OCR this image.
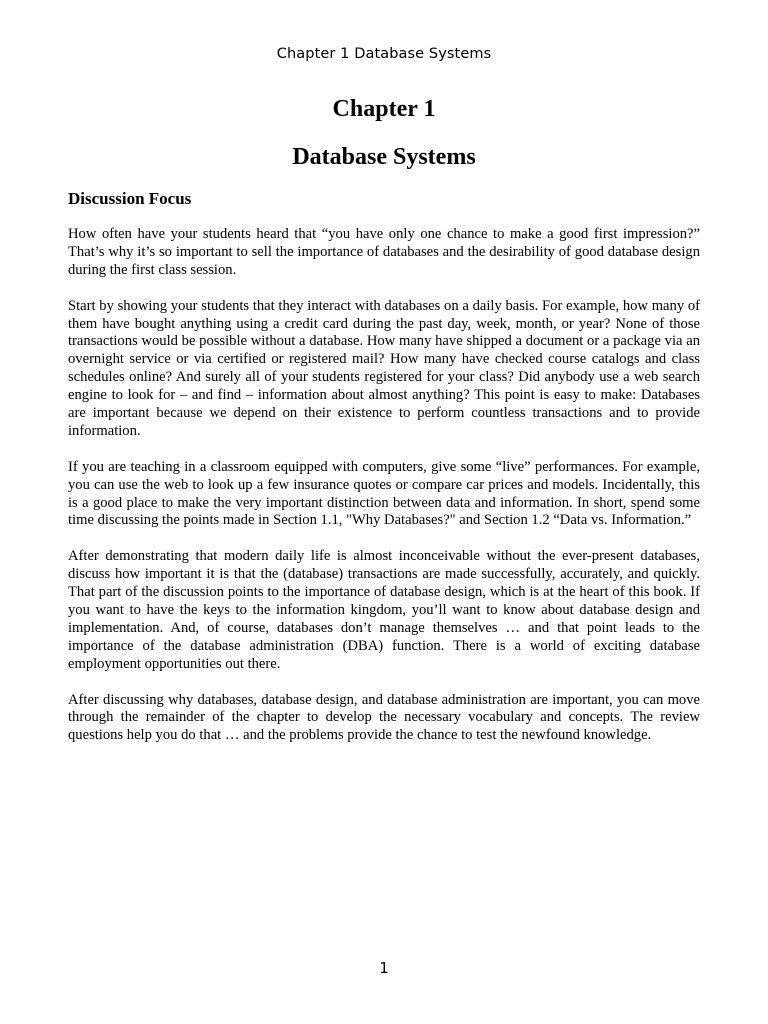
Chapter 1 Database Systems
Chapter 1
Database Systems
Discussion Focus

How often have your students heard that “you have only one chance to make a good first impression?” That’s why it’s so important to sell the importance of databases and the desirability of good database design during the first class session.

Start by showing your students that they interact with databases on a daily basis. For example, how many of them have bought anything using a credit card during the past day, week, month, or year? None of those transactions would be possible without a database. How many have shipped a document or a package via an overnight service or via certified or registered mail? How many have checked course catalogs and class schedules online? And surely all of your students registered for your class? Did anybody use a web search engine to look for – and find – information about almost anything? This point is easy to make: Databases are important because we depend on their existence to perform countless transactions and to provide information.

If you are teaching in a classroom equipped with computers, give some “live” performances. For example, you can use the web to look up a few insurance quotes or compare car prices and models. Incidentally, this is a good place to make the very important distinction between data and information. In short, spend some time discussing the points made in Section 1.1, "Why Databases?" and Section 1.2 “Data vs. Information.”

After demonstrating that modern daily life is almost inconceivable without the ever-present databases, discuss how important it is that the (database) transactions are made successfully, accurately, and quickly. That part of the discussion points to the importance of database design, which is at the heart of this book. If you want to have the keys to the information kingdom, you’ll want to know about database design and implementation. And, of course, databases don’t manage themselves … and that point leads to the importance of the database administration (DBA) function. There is a world of exciting database employment opportunities out there.

After discussing why databases, database design, and database administration are important, you can move through the remainder of the chapter to develop the necessary vocabulary and concepts. The review questions help you do that … and the problems provide the chance to test the newfound knowledge.

1
